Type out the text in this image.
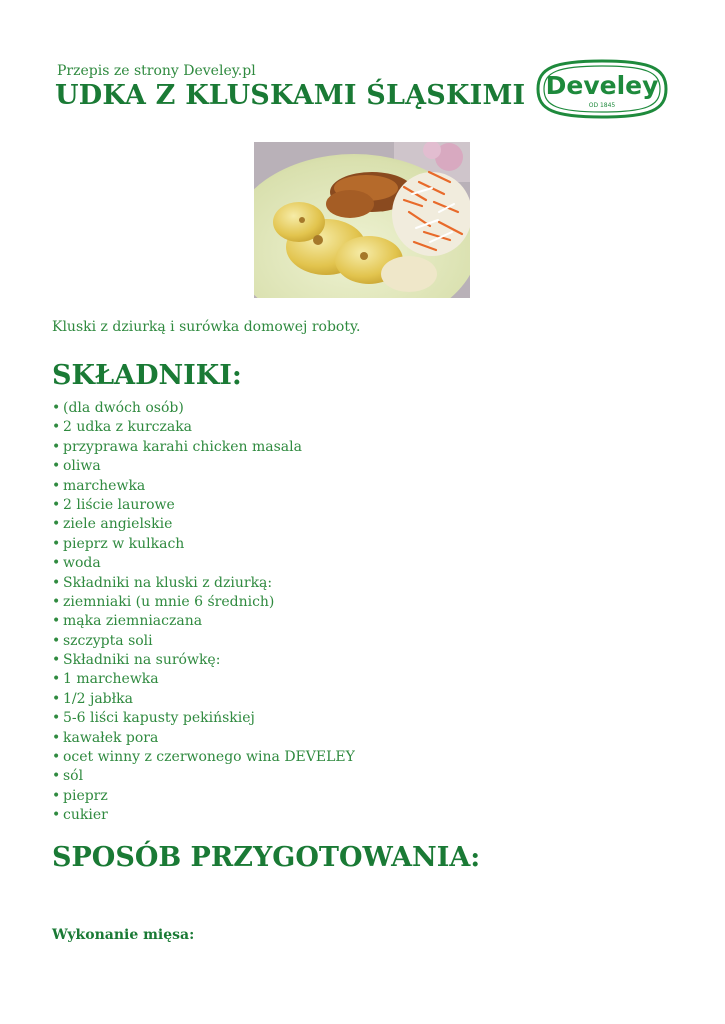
Przepis ze strony Develey.pl
UDKA Z KLUSKAMI ŚLĄSKIMI Develey
OD 1845

Kluski z dziurką i surówka domowej roboty.

SKŁADNIKI:
• (dla dwóch osób)
• 2 udka z kurczaka
• przyprawa karahi chicken masala
• oliwa
• marchewka
• 2 liście laurowe
• ziele angielskie
• pieprz w kulkach
• woda
• Składniki na kluski z dziurką:
• ziemniaki (u mnie 6 średnich)
• mąka ziemniaczana
• szczypta soli
• Składniki na surówkę:
• 1 marchewka
• 1/2 jabłka
• 5-6 liści kapusty pekińskiej
• kawałek pora
• ocet winny z czerwonego wina DEVELEY
• sól
• pieprz
• cukier
SPOSÓB PRZYGOTOWANIA:

Wykonanie mięsa:
